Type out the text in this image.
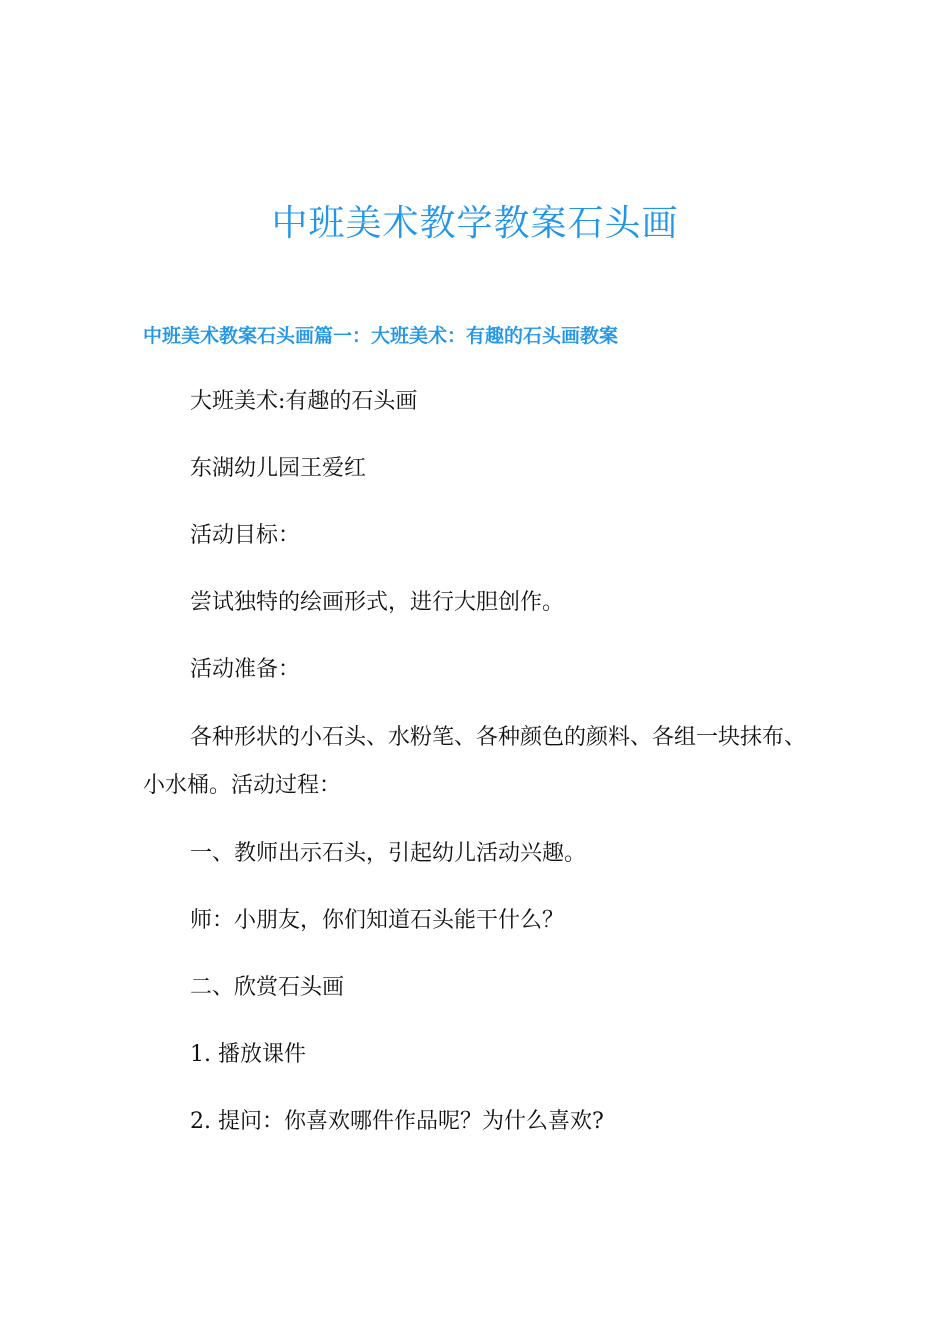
中班美术教学教案石头画
中班美术教案石头画篇一：大班美术：有趣的石头画教案
大班美术:有趣的石头画
东湖幼儿园王爱红
活动目标：
尝试独特的绘画形式，进行大胆创作。
活动准备：
各种形状的小石头、水粉笔、各种颜色的颜料、各组一块抹布、小水桶。活动过程：
一、教师出示石头，引起幼儿活动兴趣。
师：小朋友，你们知道石头能干什么？
二、欣赏石头画
1. 播放课件
2. 提问：你喜欢哪件作品呢？为什么喜欢?
